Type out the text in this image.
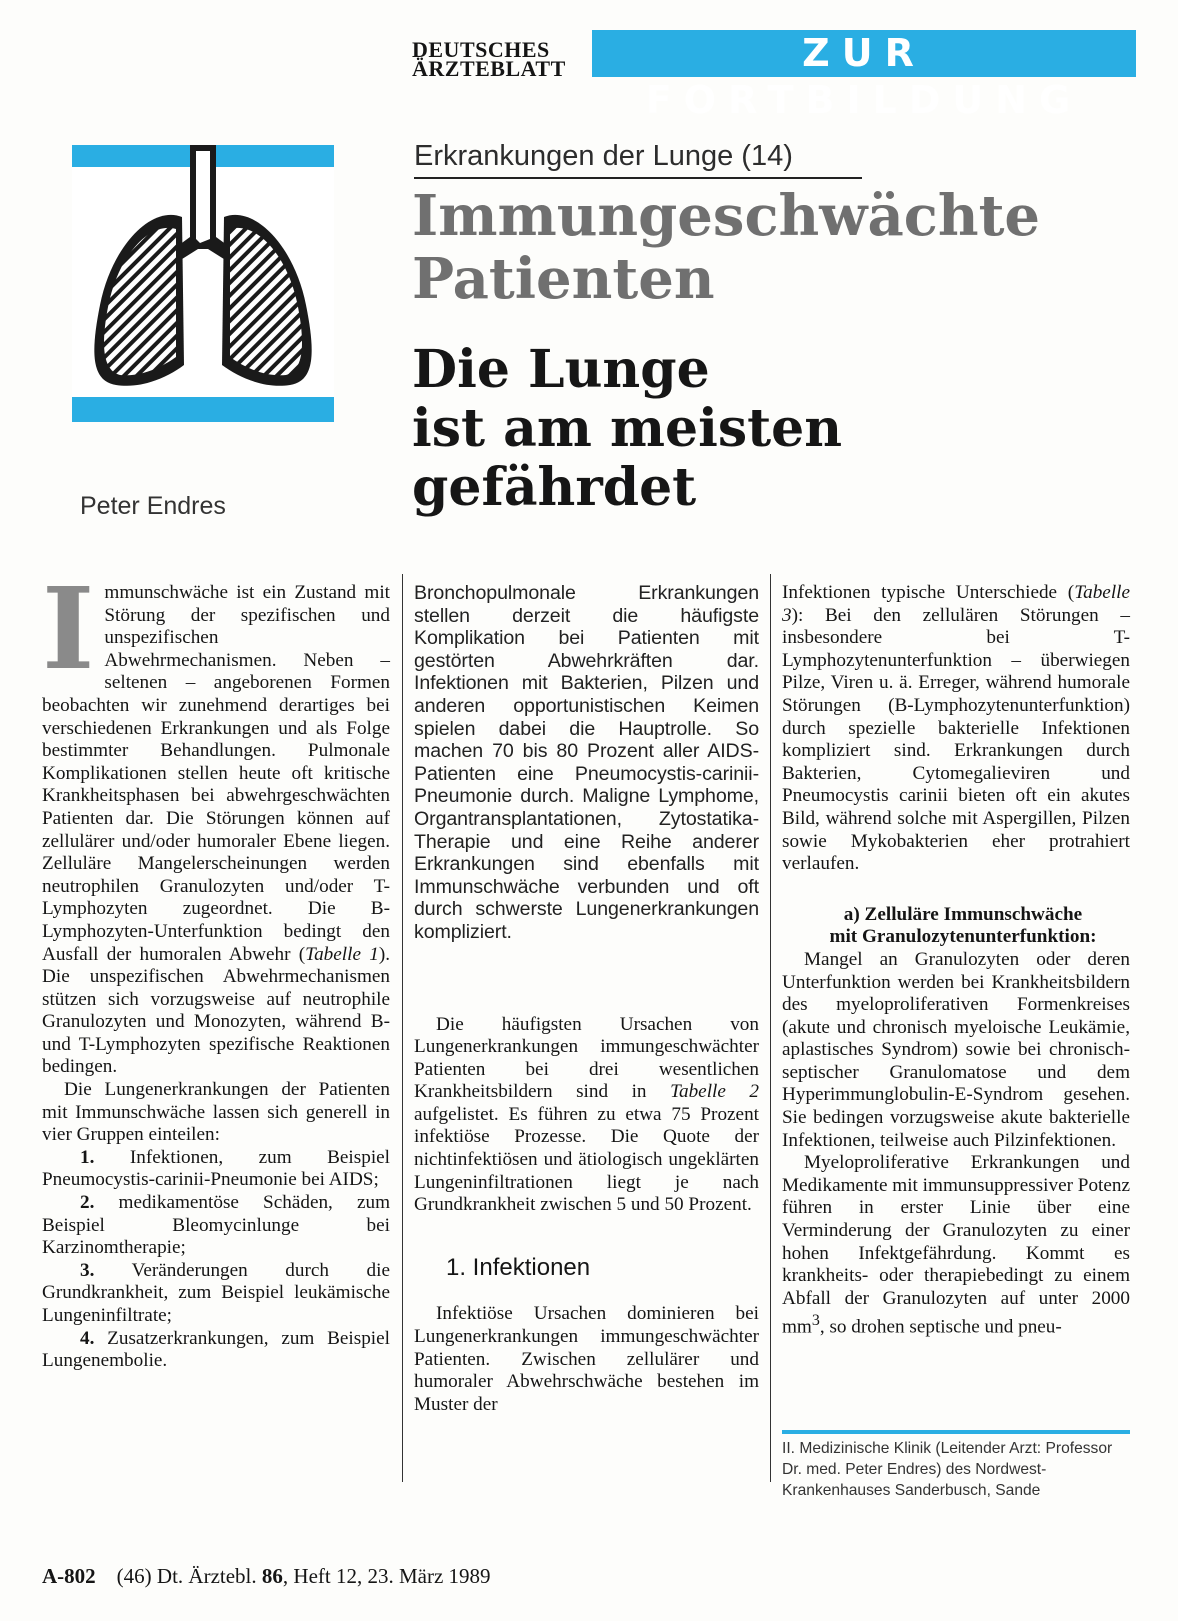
DEUTSCHES
ÄRZTEBLATT	ZUR FORTBILDUNG
Peter Endres
Erkrankungen der Lunge (14)
Immungeschwächte
Patienten
Die Lunge
ist am meisten
gefährdet

Immunschwäche ist ein Zustand mit Störung der spezifischen und unspezifischen Abwehrmechanismen. Neben – seltenen – angeborenen Formen beobachten wir zunehmend derartiges bei verschiedenen Erkrankungen und als Folge bestimmter Behandlungen. Pulmonale Komplikationen stellen heute oft kritische Krankheitsphasen bei abwehrgeschwächten Patienten dar. Die Störungen können auf zellulärer und/oder humoraler Ebene liegen. Zelluläre Mangelerscheinungen werden neutrophilen Granulozyten und/oder T-Lymphozyten zugeordnet. Die B-Lymphozyten-Unterfunktion bedingt den Ausfall der humoralen Abwehr (Tabelle 1). Die unspezifischen Abwehrmechanismen stützen sich vorzugsweise auf neutrophile Granulozyten und Monozyten, während B- und T-Lymphozyten spezifische Reaktionen bedingen.

Die Lungenerkrankungen der Patienten mit Immunschwäche lassen sich generell in vier Gruppen einteilen:

1. Infektionen, zum Beispiel Pneumocystis-carinii-Pneumonie bei AIDS;

2. medikamentöse Schäden, zum Beispiel Bleomycinlunge bei Karzinomtherapie;

3. Veränderungen durch die Grundkrankheit, zum Beispiel leukämische Lungeninfiltrate;

4. Zusatzerkrankungen, zum Beispiel Lungenembolie.

Bronchopulmonale Erkrankungen stellen derzeit die häufigste Komplikation bei Patienten mit gestörten Abwehrkräften dar. Infektionen mit Bakterien, Pilzen und anderen opportunistischen Keimen spielen dabei die Hauptrolle. So machen 70 bis 80 Prozent aller AIDS-Patienten eine Pneumocystis-carinii-Pneumonie durch. Maligne Lymphome, Organtransplantationen, Zytostatika-Therapie und eine Reihe anderer Erkrankungen sind ebenfalls mit Immunschwäche verbunden und oft durch schwerste Lungenerkrankungen kompliziert.

Die häufigsten Ursachen von Lungenerkrankungen immungeschwächter Patienten bei drei wesentlichen Krankheitsbildern sind in Tabelle 2 aufgelistet. Es führen zu etwa 75 Prozent infektiöse Prozesse. Die Quote der nichtinfektiösen und ätiologisch ungeklärten Lungeninfiltrationen liegt je nach Grundkrankheit zwischen 5 und 50 Prozent.

1. Infektionen

Infektiöse Ursachen dominieren bei Lungenerkrankungen immungeschwächter Patienten. Zwischen zellulärer und humoraler Abwehrschwäche bestehen im Muster der

Infektionen typische Unterschiede (Tabelle 3): Bei den zellulären Störungen – insbesondere bei T-Lymphozytenunterfunktion – überwiegen Pilze, Viren u. ä. Erreger, während humorale Störungen (B-Lymphozytenunterfunktion) durch spezielle bakterielle Infektionen kompliziert sind. Erkrankungen durch Bakterien, Cytomegalieviren und Pneumocystis carinii bieten oft ein akutes Bild, während solche mit Aspergillen, Pilzen sowie Mykobakterien eher protrahiert verlaufen.

a) Zelluläre Immunschwäche
mit Granulozytenunterfunktion:

Mangel an Granulozyten oder deren Unterfunktion werden bei Krankheitsbildern des myeloproliferativen Formenkreises (akute und chronisch myeloische Leukämie, aplastisches Syndrom) sowie bei chronisch-septischer Granulomatose und dem Hyperimmunglobulin-E-Syndrom gesehen. Sie bedingen vorzugsweise akute bakterielle Infektionen, teilweise auch Pilzinfektionen.

Myeloproliferative Erkrankungen und Medikamente mit immunsuppressiver Potenz führen in erster Linie über eine Verminderung der Granulozyten zu einer hohen Infektgefährdung. Kommt es krankheits- oder therapiebedingt zu einem Abfall der Granulozyten auf unter 2000 $mm^3$, so drohen septische und pneu-

II. Medizinische Klinik (Leitender Arzt: Professor Dr. med. Peter Endres) des Nordwest-Krankenhauses Sanderbusch, Sande
A-802 (46) Dt. Ärztebl. 86, Heft 12, 23. März 1989
